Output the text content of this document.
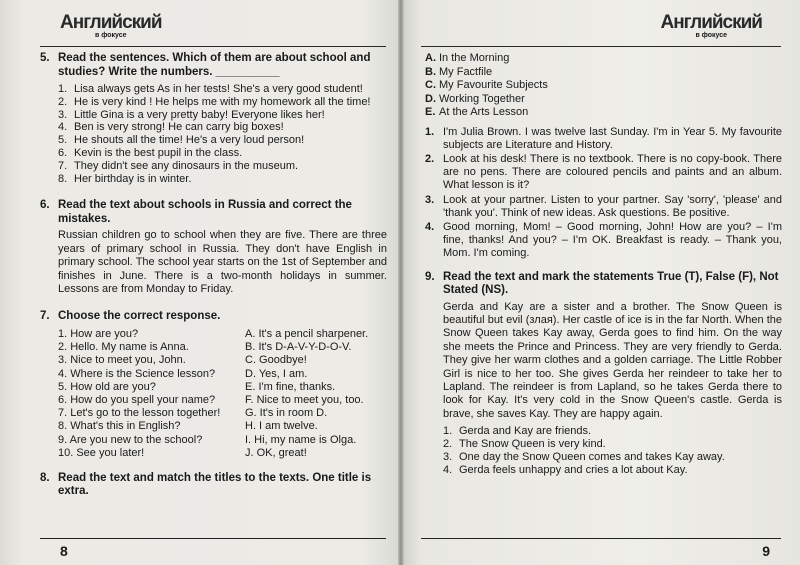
Английский
в фокусе
5. Read the sentences. Which of them are about school and studies? Write the numbers. __________
1. Lisa always gets As in her tests! She's a very good student!
2. He is very kind ! He helps me with my homework all the time!
3. Little Gina is a very pretty baby! Everyone likes her!
4. Ben is very strong! He can carry big boxes!
5. He shouts all the time! He's a very loud person!
6. Kevin is the best pupil in the class.
7. They didn't see any dinosaurs in the museum.
8. Her birthday is in winter.
6. Read the text about schools in Russia and correct the mistakes.
Russian children go to school when they are five. There are three years of primary school in Russia. They don't have English in primary school. The school year starts on the 1st of September and finishes in June. There is a two-month holidays in summer. Lessons are from Monday to Friday.
7. Choose the correct response.
1. How are you?
2. Hello. My name is Anna.
3. Nice to meet you, John.
4. Where is the Science lesson?
5. How old are you?
6. How do you spell your name?
7. Let's go to the lesson together!
8. What's this in English?
9. Are you new to the school?
10. See you later!
A. It's a pencil sharpener.
B. It's D-A-V-Y-D-O-V.
C. Goodbye!
D. Yes, I am.
E. I'm fine, thanks.
F. Nice to meet you, too.
G. It's in room D.
H. I am twelve.
I. Hi, my name is Olga.
J. OK, great!
8. Read the text and match the titles to the texts. One title is extra.
8
Английский
в фокусе
A. In the Morning
B. My Factfile
C. My Favourite Subjects
D. Working Together
E. At the Arts Lesson
1. I'm Julia Brown. I was twelve last Sunday. I'm in Year 5. My favourite subjects are Literature and History.
2. Look at his desk! There is no textbook. There is no copy-book. There are no pens. There are coloured pencils and paints and an album. What lesson is it?
3. Look at your partner. Listen to your partner. Say 'sorry', 'please' and 'thank you'. Think of new ideas. Ask questions. Be positive.
4. Good morning, Mom! – Good morning, John! How are you? – I'm fine, thanks! And you? – I'm OK. Breakfast is ready. – Thank you, Mom. I'm coming.
9. Read the text and mark the statements True (T), False (F), Not Stated (NS).
Gerda and Kay are a sister and a brother. The Snow Queen is beautiful but evil (злая). Her castle of ice is in the far North. When the Snow Queen takes Kay away, Gerda goes to find him. On the way she meets the Prince and Princess. They are very friendly to Gerda. They give her warm clothes and a golden carriage. The Little Robber Girl is nice to her too. She gives Gerda her reindeer to take her to Lapland. The reindeer is from Lapland, so he takes Gerda there to look for Kay. It's very cold in the Snow Queen's castle. Gerda is brave, she saves Kay. They are happy again.
1. Gerda and Kay are friends.
2. The Snow Queen is very kind.
3. One day the Snow Queen comes and takes Kay away.
4. Gerda feels unhappy and cries a lot about Kay.
9
